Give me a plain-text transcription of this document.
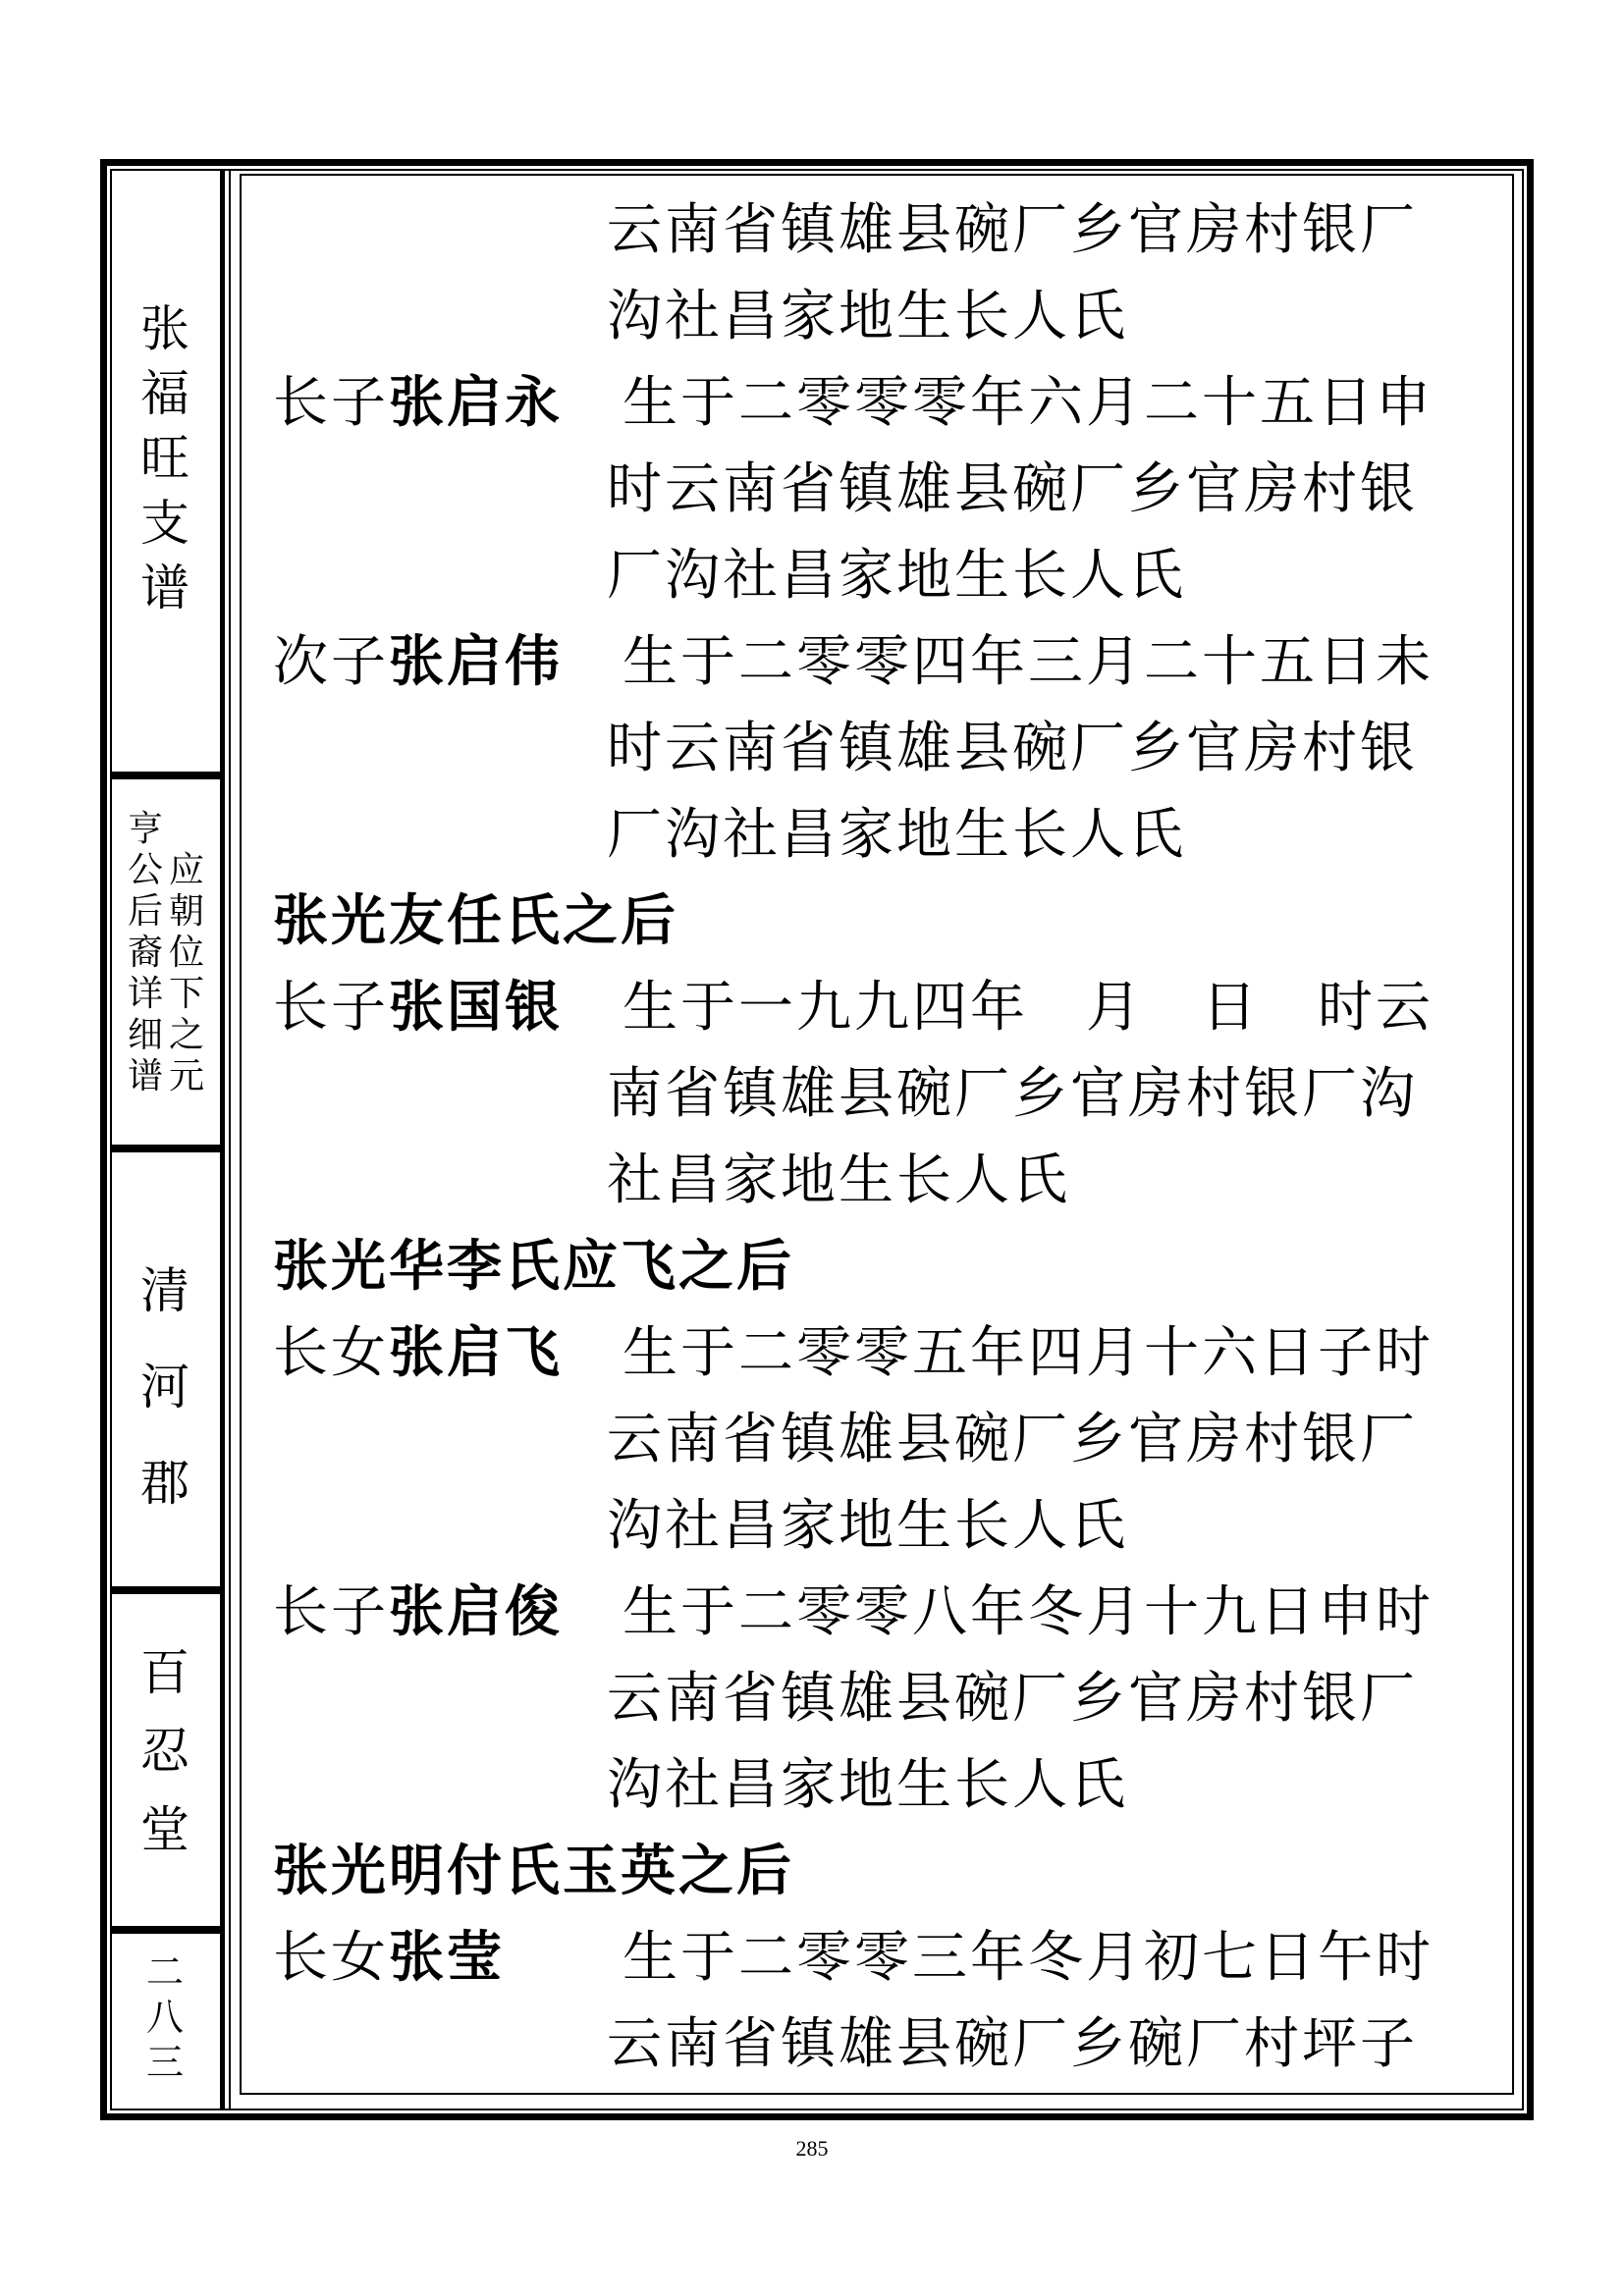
张
福
旺
支
谱
应
朝
位
下
之
元
亨
公
后
裔
详
细
谱
清
河
郡
百
忍
堂
二
八
三
云南省镇雄县碗厂乡官房村银厂
沟社昌家地生长人氏
长子张启永 生于二零零零年六月二十五日申
时云南省镇雄县碗厂乡官房村银
厂沟社昌家地生长人氏
次子张启伟 生于二零零四年三月二十五日未
时云南省镇雄县碗厂乡官房村银
厂沟社昌家地生长人氏
张光友任氏之后
长子张国银 生于一九九四年　月　日　时云
南省镇雄县碗厂乡官房村银厂沟
社昌家地生长人氏
张光华李氏应飞之后
长女张启飞 生于二零零五年四月十六日子时
云南省镇雄县碗厂乡官房村银厂
沟社昌家地生长人氏
长子张启俊 生于二零零八年冬月十九日申时
云南省镇雄县碗厂乡官房村银厂
沟社昌家地生长人氏
张光明付氏玉英之后
长女张莹 生于二零零三年冬月初七日午时
云南省镇雄县碗厂乡碗厂村坪子
285
